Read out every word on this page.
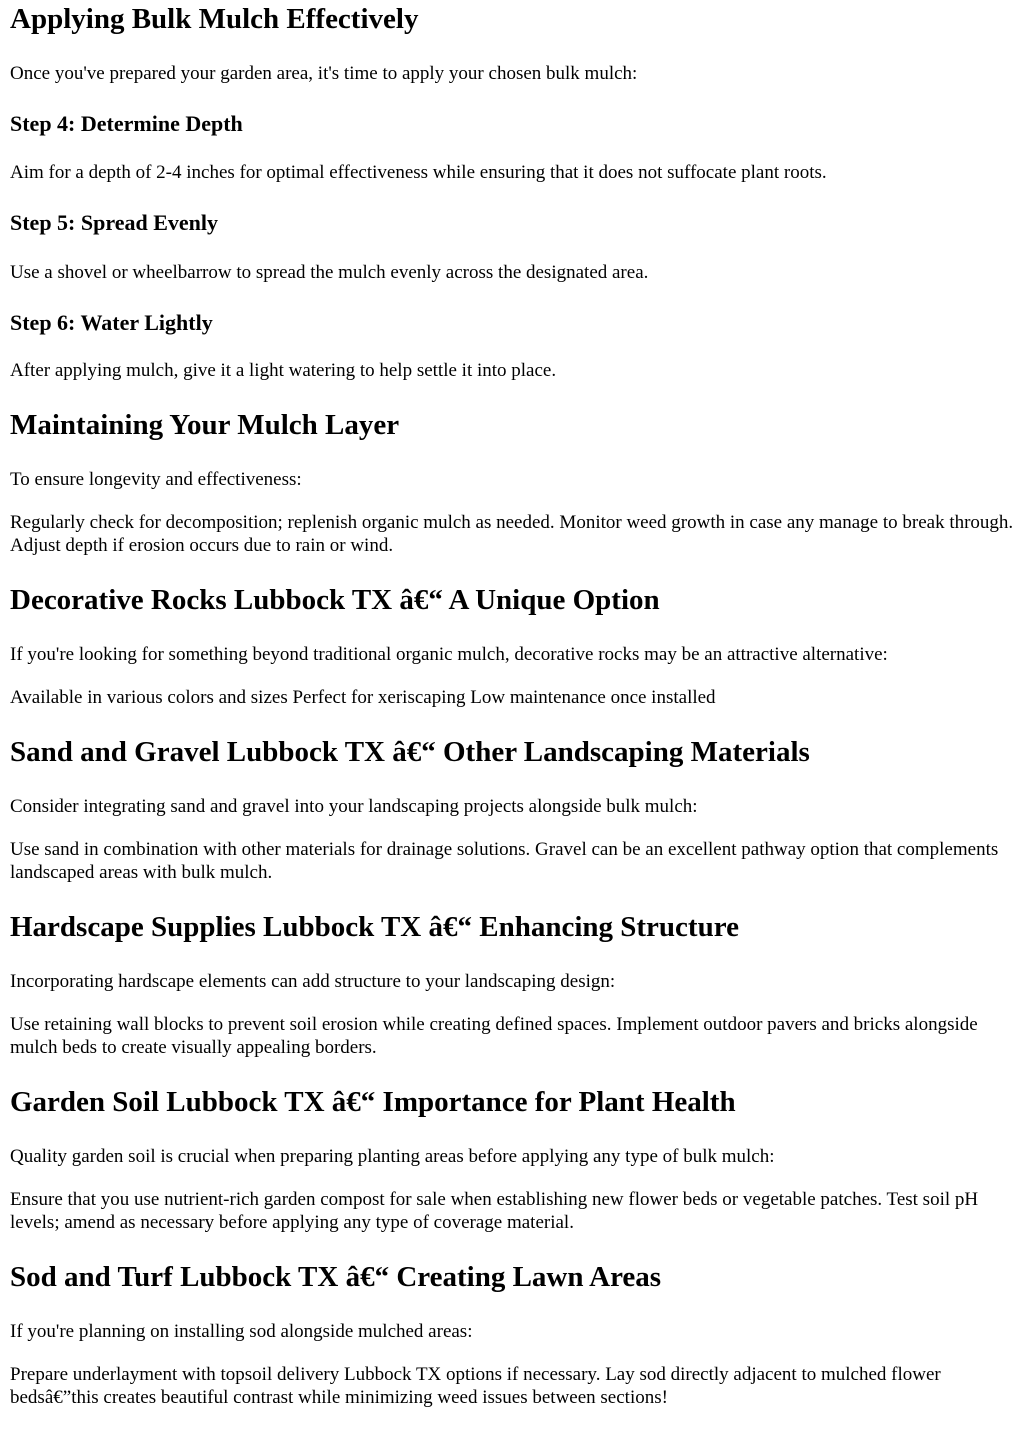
Applying Bulk Mulch Effectively

Once you've prepared your garden area, it's time to apply your chosen bulk mulch:

Step 4: Determine Depth

Aim for a depth of 2-4 inches for optimal effectiveness while ensuring that it does not suffocate plant roots.

Step 5: Spread Evenly

Use a shovel or wheelbarrow to spread the mulch evenly across the designated area.

Step 6: Water Lightly

After applying mulch, give it a light watering to help settle it into place.

Maintaining Your Mulch Layer

To ensure longevity and effectiveness:

Regularly check for decomposition; replenish organic mulch as needed. Monitor weed growth in case any manage to break through. Adjust depth if erosion occurs due to rain or wind.

Decorative Rocks Lubbock TX â€“ A Unique Option

If you're looking for something beyond traditional organic mulch, decorative rocks may be an attractive alternative:

Available in various colors and sizes Perfect for xeriscaping Low maintenance once installed

Sand and Gravel Lubbock TX â€“ Other Landscaping Materials

Consider integrating sand and gravel into your landscaping projects alongside bulk mulch:

Use sand in combination with other materials for drainage solutions. Gravel can be an excellent pathway option that complements landscaped areas with bulk mulch.

Hardscape Supplies Lubbock TX â€“ Enhancing Structure

Incorporating hardscape elements can add structure to your landscaping design:

Use retaining wall blocks to prevent soil erosion while creating defined spaces. Implement outdoor pavers and bricks alongside mulch beds to create visually appealing borders.

Garden Soil Lubbock TX â€“ Importance for Plant Health

Quality garden soil is crucial when preparing planting areas before applying any type of bulk mulch:

Ensure that you use nutrient-rich garden compost for sale when establishing new flower beds or vegetable patches. Test soil pH levels; amend as necessary before applying any type of coverage material.

Sod and Turf Lubbock TX â€“ Creating Lawn Areas

If you're planning on installing sod alongside mulched areas:

Prepare underlayment with topsoil delivery Lubbock TX options if necessary. Lay sod directly adjacent to mulched flower bedsâ€”this creates beautiful contrast while minimizing weed issues between sections!
